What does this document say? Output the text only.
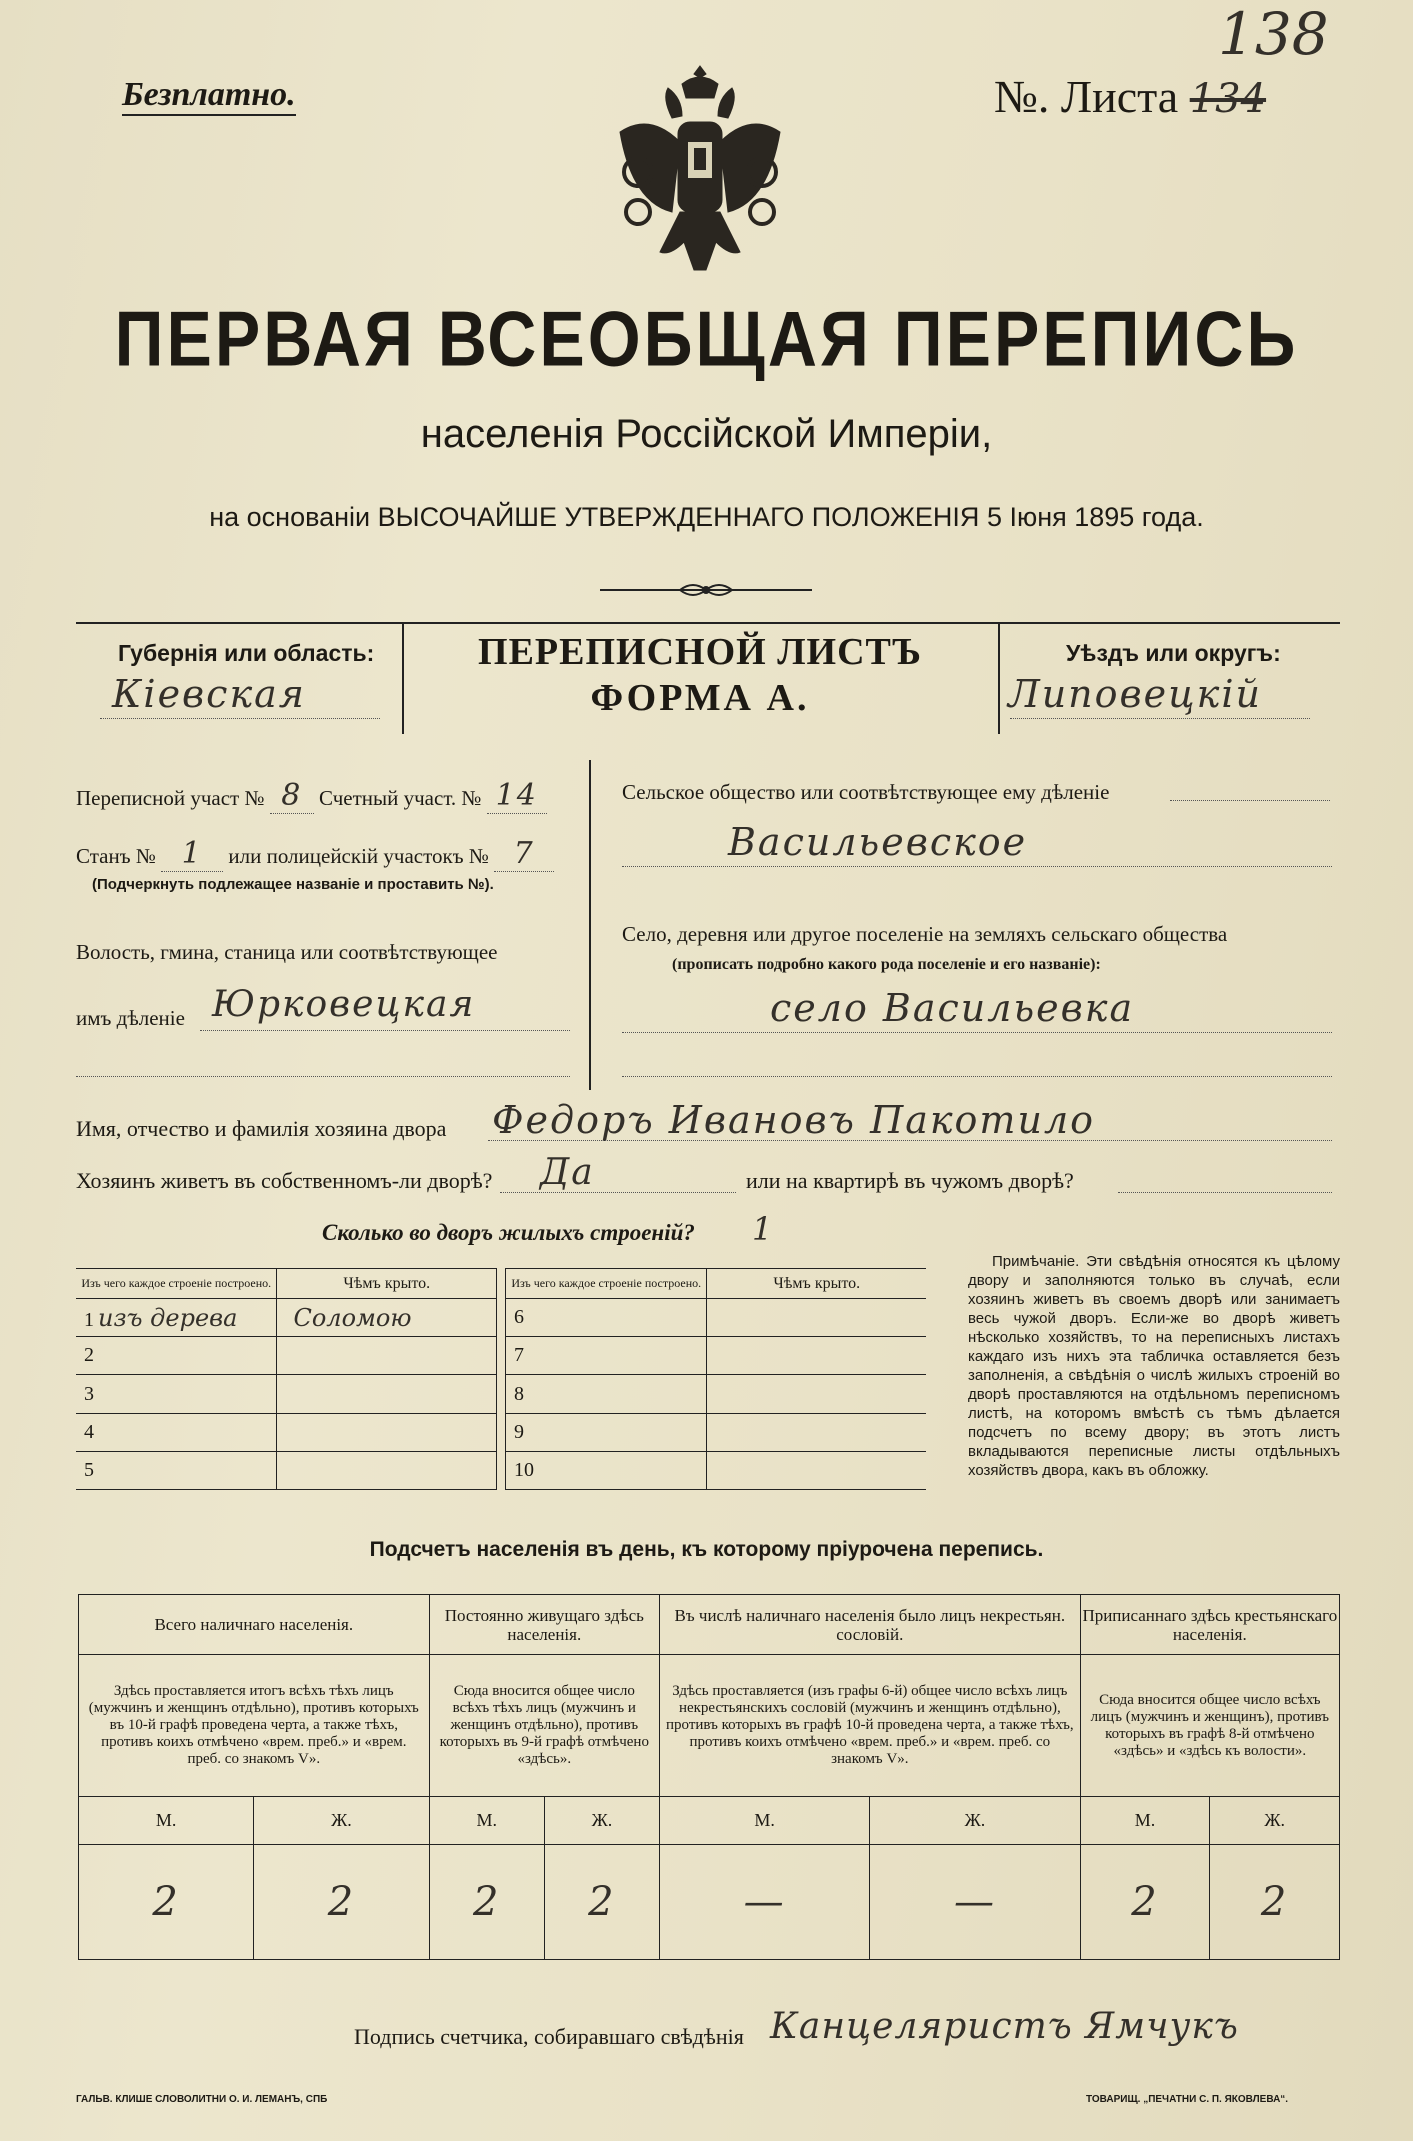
138
Безплатно.	№. Листа 134
ПЕРВАЯ ВСЕОБЩАЯ ПЕРЕПИСЬ
населенія Россійской Имперіи,
на основаніи ВЫСОЧАЙШЕ УТВЕРЖДЕННАГО ПОЛОЖЕНІЯ 5 Іюня 1895 года.
Губернія или область:
Кіевская
ПЕРЕПИСНОЙ ЛИСТЪ
ФОРМА А.
Уѣздъ или округъ:
Липовецкій
Переписной участ № 8 Счетный участ. № 14
Станъ № 1 или полицейскій участокъ № 7
(Подчеркнуть подлежащее названіе и проставить №).
Волость, гмина, станица или соотвѣтствующее
имъ дѣленіе Юрковецкая
Сельское общество или соотвѣтствующее ему дѣленіе
Васильевское
Село, деревня или другое поселеніе на земляхъ сельскаго общества
(прописать подробно какого рода поселеніе и его названіе):
село Васильевка
Имя, отчество и фамилія хозяина двора Федоръ Ивановъ Пакотило
Хозяинъ живетъ въ собственномъ-ли дворѣ? Да	или на квартирѣ въ чужомъ дворѣ?
Сколько во дворъ жилыхъ строеній? 1
Изъ чего каждое строеніе построено.	Чѣмъ крыто.		Изъ чего каждое строеніе построено.	Чѣмъ крыто.

1 изъ дерева	Соломою		6	
2			7	
3			8	
4			9	
5			10	
Примѣчаніе. Эти свѣдѣнія относятся къ цѣлому двору и заполняются только въ случаѣ, если хозяинъ живетъ въ своемъ дворѣ или занимаетъ весь чужой дворъ. Если-же во дворѣ живетъ нѣсколько хозяйствъ, то на переписныхъ листахъ каждаго изъ нихъ эта табличка оставляется безъ заполненія, а свѣдѣнія о числѣ жилыхъ строеній во дворѣ проставляются на отдѣльномъ переписномъ листѣ, на которомъ вмѣстѣ съ тѣмъ дѣлается подсчетъ по всему двору; въ этотъ листъ вкладываются переписные листы отдѣльныхъ хозяйствъ двора, какъ въ обложку.
Подсчетъ населенія въ день, къ которому пріурочена перепись.
Всего наличнаго населенія.		Постоянно живущаго здѣсь населенія.		Въ числѣ наличнаго населенія было лицъ некрестьян. сословій.		Приписаннаго здѣсь крестьянскаго населенія.	

Здѣсь проставляется итогъ всѣхъ тѣхъ лицъ (мужчинъ и женщинъ отдѣльно), противъ которыхъ въ 10-й графѣ проведена черта, а также тѣхъ, противъ коихъ отмѣчено «врем. преб.» и «врем. преб. со знакомъ V».		Сюда вносится общее число всѣхъ тѣхъ лицъ (мужчинъ и женщинъ отдѣльно), противъ которыхъ въ 9-й графѣ отмѣчено «здѣсь».		Здѣсь проставляется (изъ графы 6-й) общее число всѣхъ лицъ некрестьянскихъ сословій (мужчинъ и женщинъ отдѣльно), противъ которыхъ въ графѣ 10-й проведена черта, а также тѣхъ, противъ коихъ отмѣчено «врем. преб.» и «врем. преб. со знакомъ V».		Сюда вносится общее число всѣхъ лицъ (мужчинъ и женщинъ), противъ которыхъ въ графѣ 8-й отмѣчено «здѣсь» и «здѣсь къ волости».	

М.	Ж.	М.	Ж.	М.	Ж.	М.	Ж.

2	2	2	2	—	—	2	2
Подпись счетчика, собиравшаго свѣдѣнія Канцеляристъ Ямчукъ
ГАЛЬВ. КЛИШЕ СЛОВОЛИТНИ О. И. ЛЕМАНЪ, СПБ	ТОВАРИЩ. „ПЕЧАТНИ С. П. ЯКОВЛЕВА“.
